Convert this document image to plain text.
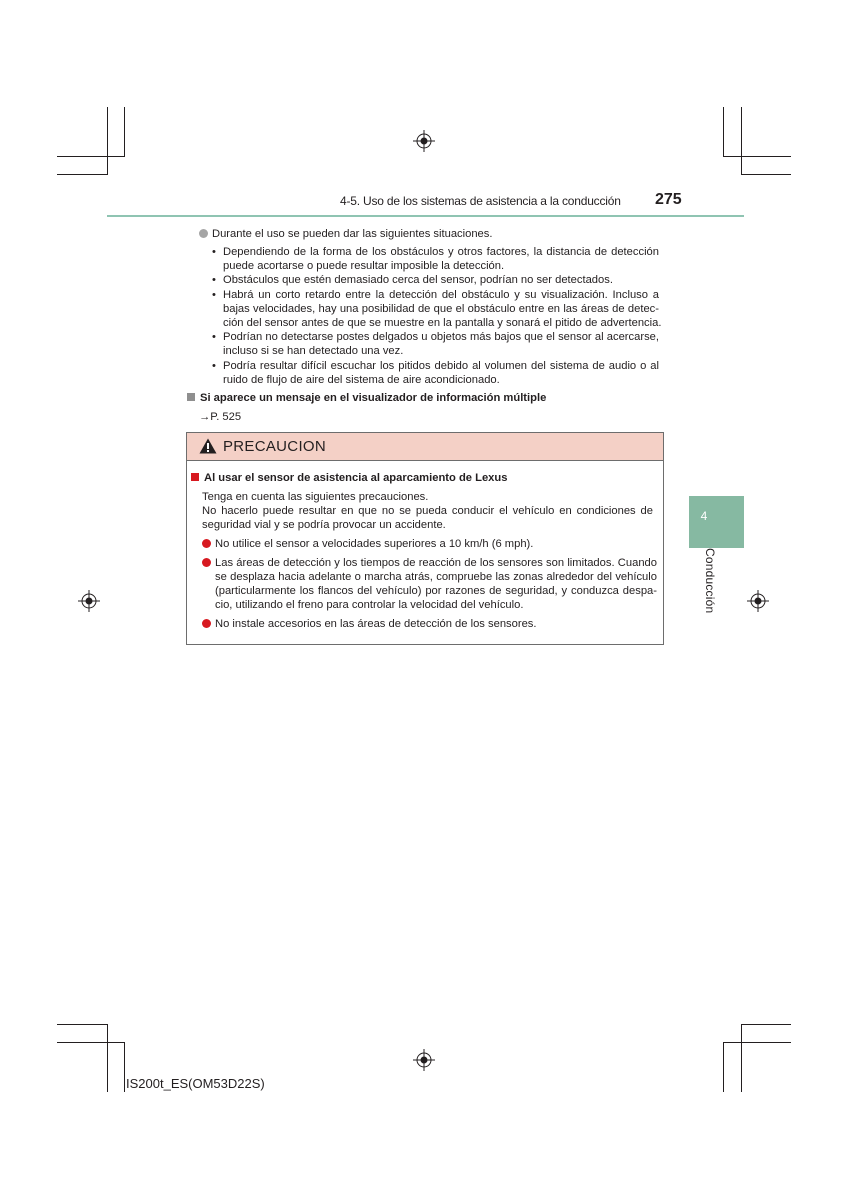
4-5. Uso de los sistemas de asistencia a la conducción 275
4
Conducción
Durante el uso se pueden dar las siguientes situaciones.
• Dependiendo de la forma de los obstáculos y otros factores, la distancia de detección
puede acortarse o puede resultar imposible la detección.
• Obstáculos que estén demasiado cerca del sensor, podrían no ser detectados.
• Habrá un corto retardo entre la detección del obstáculo y su visualización. Incluso a
bajas velocidades, hay una posibilidad de que el obstáculo entre en las áreas de detec-
ción del sensor antes de que se muestre en la pantalla y sonará el pitido de advertencia.
• Podrían no detectarse postes delgados u objetos más bajos que el sensor al acercarse,
incluso si se han detectado una vez.
• Podría resultar difícil escuchar los pitidos debido al volumen del sistema de audio o al
ruido de flujo de aire del sistema de aire acondicionado.
Si aparece un mensaje en el visualizador de información múltiple
→P. 525
PRECAUCION
Al usar el sensor de asistencia al aparcamiento de Lexus
Tenga en cuenta las siguientes precauciones.
No hacerlo puede resultar en que no se pueda conducir el vehículo en condiciones de
seguridad vial y se podría provocar un accidente.
No utilice el sensor a velocidades superiores a 10 km/h (6 mph).
Las áreas de detección y los tiempos de reacción de los sensores son limitados. Cuando
se desplaza hacia adelante o marcha atrás, compruebe las zonas alrededor del vehículo
(particularmente los flancos del vehículo) por razones de seguridad, y conduzca despa-
cio, utilizando el freno para controlar la velocidad del vehículo.
No instale accesorios en las áreas de detección de los sensores.
IS200t_ES(OM53D22S)
